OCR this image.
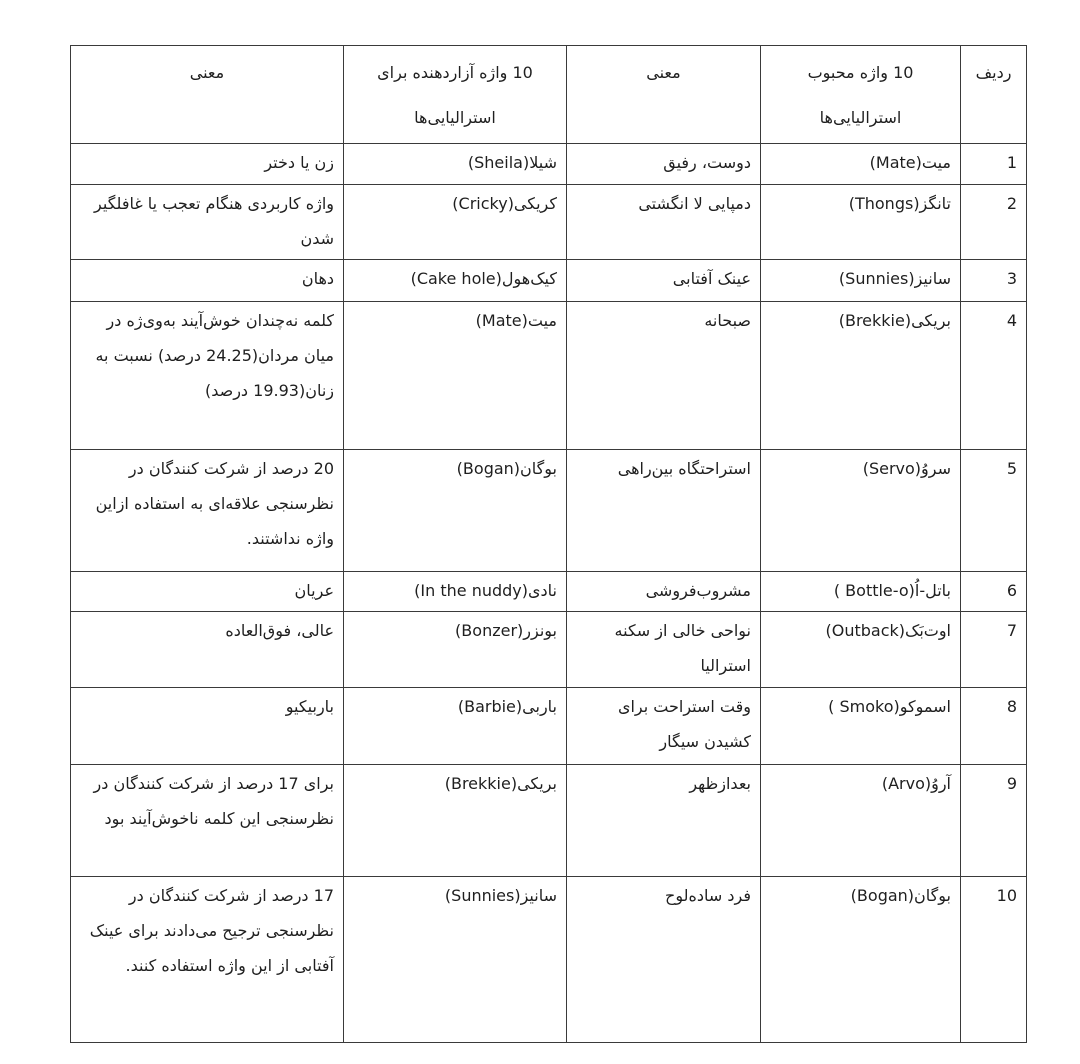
ردیف	10 واژه محبوب استرالیایی‌ها	معنی	10 واژه آزاردهنده برای استرالیایی‌ها	معنی
1	میت(Mate)	دوست، رفیق	شیلا(Sheila)	زن یا دختر
2	تانگز(Thongs)	دمپایی لا انگشتی	کریکی(Cricky)	واژه کاربردی هنگام تعجب یا غافلگیر شدن
3	سانیز(Sunnies)	عینک آفتابی	کیک‌هول(Cake hole)	دهان
4	بریکی(Brekkie)	صبحانه	میت(Mate)	کلمه نه‌چندان خوش‌آیند به‌وی‌ژه در میان مردان(24.25 درصد) نسبت به زنان(19.93 درصد)
5	سروُ(Servo)	استراحتگاه بین‌راهی	بوگان(Bogan)	20 درصد از شرکت کنندگان در نظرسنجی علاقه‌ای به استفاده ازاین واژه نداشتند.
6	باتل-اُ(Bottle-o )	مشروب‌فروشی	نادی(In the nuddy)	عریان
7	اوت‌بَک(Outback)	نواحی خالی از سکنه استرالیا	بونزر(Bonzer)	عالی، فوق‌العاده
8	اسموکو(Smoko )	وقت استراحت برای کشیدن سیگار	باربی(Barbie)	باربیکیو
9	آروُ(Arvo)	بعدازظهر	بریکی(Brekkie)	برای 17 درصد از شرکت کنندگان در نظرسنجی این کلمه ناخوش‌آیند بود
10	بوگان(Bogan)	فرد ساده‌لوح	سانیز(Sunnies)	17 درصد از شرکت کنندگان در نظرسنجی ترجیح می‌دادند برای عینک آفتابی از این واژه استفاده کنند.
